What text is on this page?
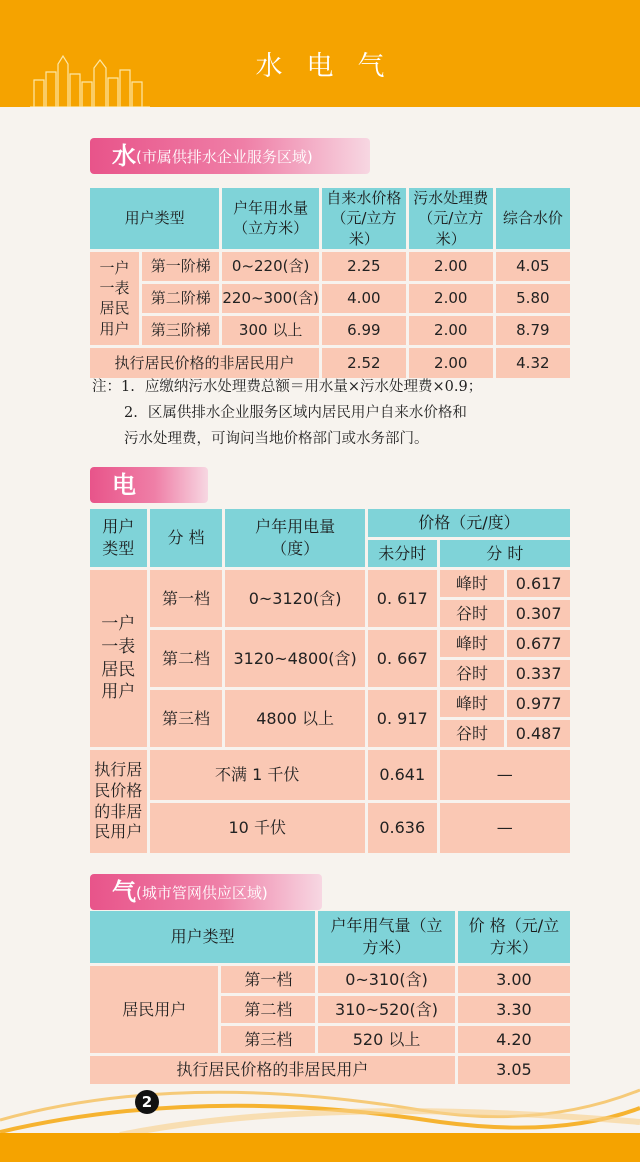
水电气
水(市属供排水企业服务区域)
用户类型		户年用水量（立方米）	自来水价格（元/立方米）	污水处理费（元/立方米）	综合水价
一户一表居民用户	第一阶梯	0~220(含)	2.25	2.00	4.05
	第二阶梯	220~300(含)	4.00	2.00	5.80
	第三阶梯	300 以上	6.99	2.00	8.79
执行居民价格的非居民用户			2.52	2.00	4.32
注： 1. 应缴纳污水处理费总额＝用水量×污水处理费×0.9；
2. 区属供排水企业服务区域内居民用户自来水价格和
污水处理费，可询问当地价格部门或水务部门。
电
用户类型	分 档	户年用电量（度）	价格（元/度）		
			未分时	分 时	
一户一表居民用户	第一档	0~3120(含)	0. 617	峰时	0.617
				谷时	0.307
	第二档	3120~4800(含)	0. 667	峰时	0.677
				谷时	0.337
	第三档	4800 以上	0. 917	峰时	0.977
				谷时	0.487
执行居民价格的非居民用户	不满 1 千伏		0.641	—	
	10 千伏		0.636	—	
气(城市管网供应区域)
用户类型		户年用气量（立方米）	价 格（元/立方米）
居民用户	第一档	0~310(含)	3.00
	第二档	310~520(含)	3.30
	第三档	520 以上	4.20
执行居民价格的非居民用户			3.05
2
